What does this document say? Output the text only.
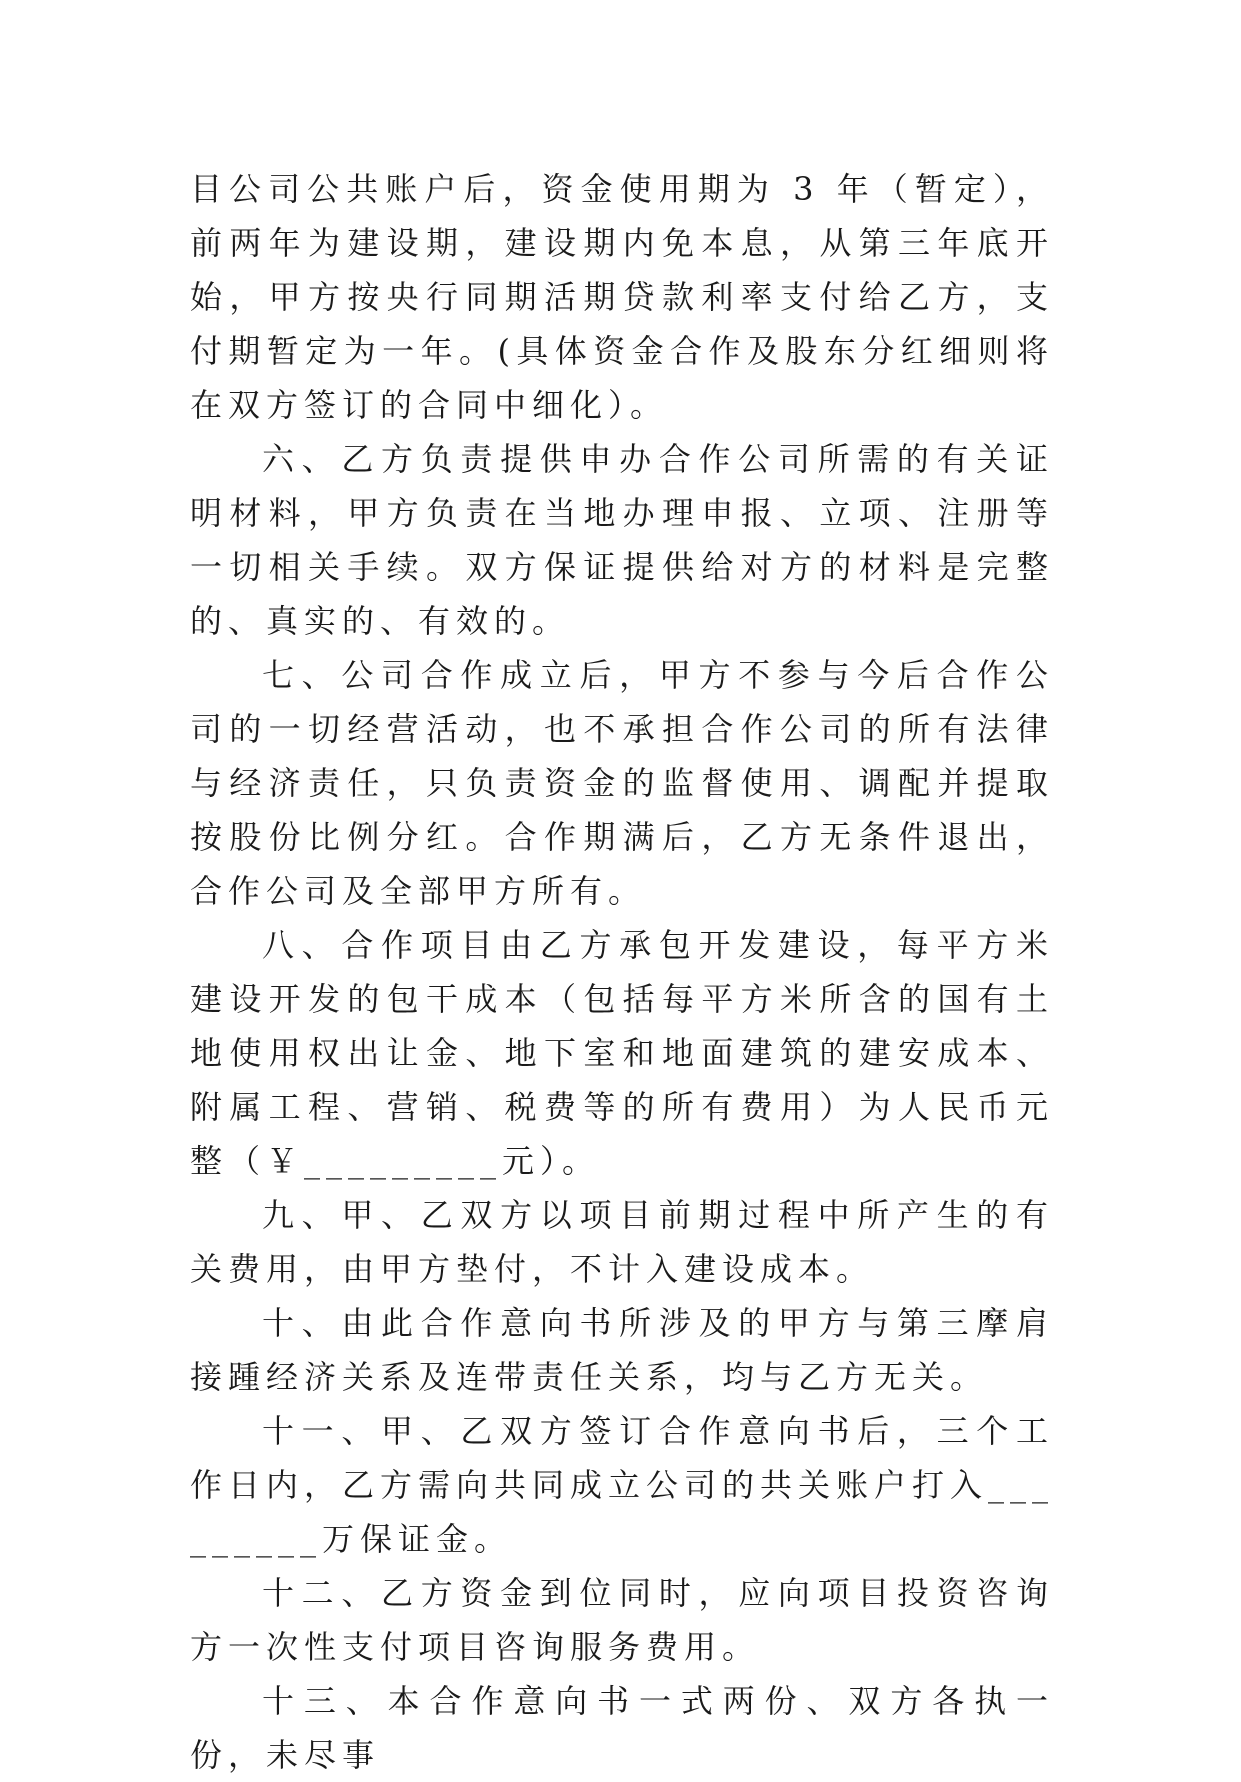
目公司公共账户后，资金使用期为 3 年（暂定），前两年为建设期，建设期内免本息，从第三年底开始，甲方按央行同期活期贷款利率支付给乙方，支付期暂定为一年。(具体资金合作及股东分红细则将在双方签订的合同中细化）。

六、乙方负责提供申办合作公司所需的有关证明材料，甲方负责在当地办理申报、立项、注册等一切相关手续。双方保证提供给对方的材料是完整的、真实的、有效的。

七、公司合作成立后，甲方不参与今后合作公司的一切经营活动，也不承担合作公司的所有法律与经济责任，只负责资金的监督使用、调配并提取按股份比例分红。合作期满后，乙方无条件退出，合作公司及全部甲方所有。

八、合作项目由乙方承包开发建设，每平方米建设开发的包干成本（包括每平方米所含的国有土地使用权出让金、地下室和地面建筑的建安成本、附属工程、营销、税费等的所有费用）为人民币元整（￥_________元）。

九、甲、乙双方以项目前期过程中所产生的有关费用，由甲方垫付，不计入建设成本。

十、由此合作意向书所涉及的甲方与第三摩肩接踵经济关系及连带责任关系，均与乙方无关。

十一、甲、乙双方签订合作意向书后，三个工作日内，乙方需向共同成立公司的共关账户打入_________万保证金。

十二、乙方资金到位同时，应向项目投资咨询方一次性支付项目咨询服务费用。

十三、本合作意向书一式两份、双方各执一份，未尽事
